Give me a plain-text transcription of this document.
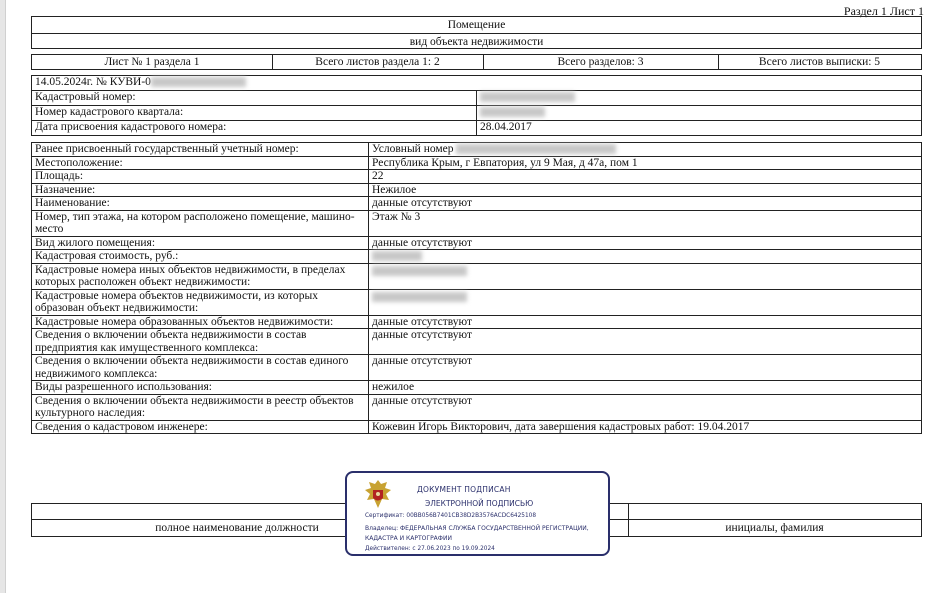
Раздел 1 Лист 1
Помещение
вид объекта недвижимости
Лист № 1 раздела 1	Всего листов раздела 1: 2	Всего разделов: 3	Всего листов выписки: 5
14.05.2024г. № КУВИ-0	
Кадастровый номер:	
Номер кадастрового квартала:	
Дата присвоения кадастрового номера:	28.04.2017
Ранее присвоенный государственный учетный номер:	Условный номер
Местоположение:	Республика Крым, г Евпатория, ул 9 Мая, д 47а, пом 1
Площадь:	22
Назначение:	Нежилое
Наименование:	данные отсутствуют
Номер, тип этажа, на котором расположено помещение, машино-место	Этаж № 3
Вид жилого помещения:	данные отсутствуют
Кадастровая стоимость, руб.:	
Кадастровые номера иных объектов недвижимости, в пределах которых расположен объект недвижимости:	
Кадастровые номера объектов недвижимости, из которых образован объект недвижимости:	
Кадастровые номера образованных объектов недвижимости:	данные отсутствуют
Сведения о включении объекта недвижимости в состав предприятия как имущественного комплекса:	данные отсутствуют
Сведения о включении объекта недвижимости в состав единого недвижимого комплекса:	данные отсутствуют
Виды разрешенного использования:	нежилое
Сведения о включении объекта недвижимости в реестр объектов культурного наследия:	данные отсутствуют
Сведения о кадастровом инженере:	Кожевин Игорь Викторович, дата завершения кадастровых работ: 19.04.2017
полное наименование должности	инициалы, фамилия
ДОКУМЕНТ ПОДПИСАН
ЭЛЕКТРОННОЙ ПОДПИСЬЮ
Сертификат: 00BB056B7401CB38D2B3576ACDC6425108
Владелец: ФЕДЕРАЛЬНАЯ СЛУЖБА ГОСУДАРСТВЕННОЙ РЕГИСТРАЦИИ, КАДАСТРА И КАРТОГРАФИИ
Действителен: с 27.06.2023 по 19.09.2024
